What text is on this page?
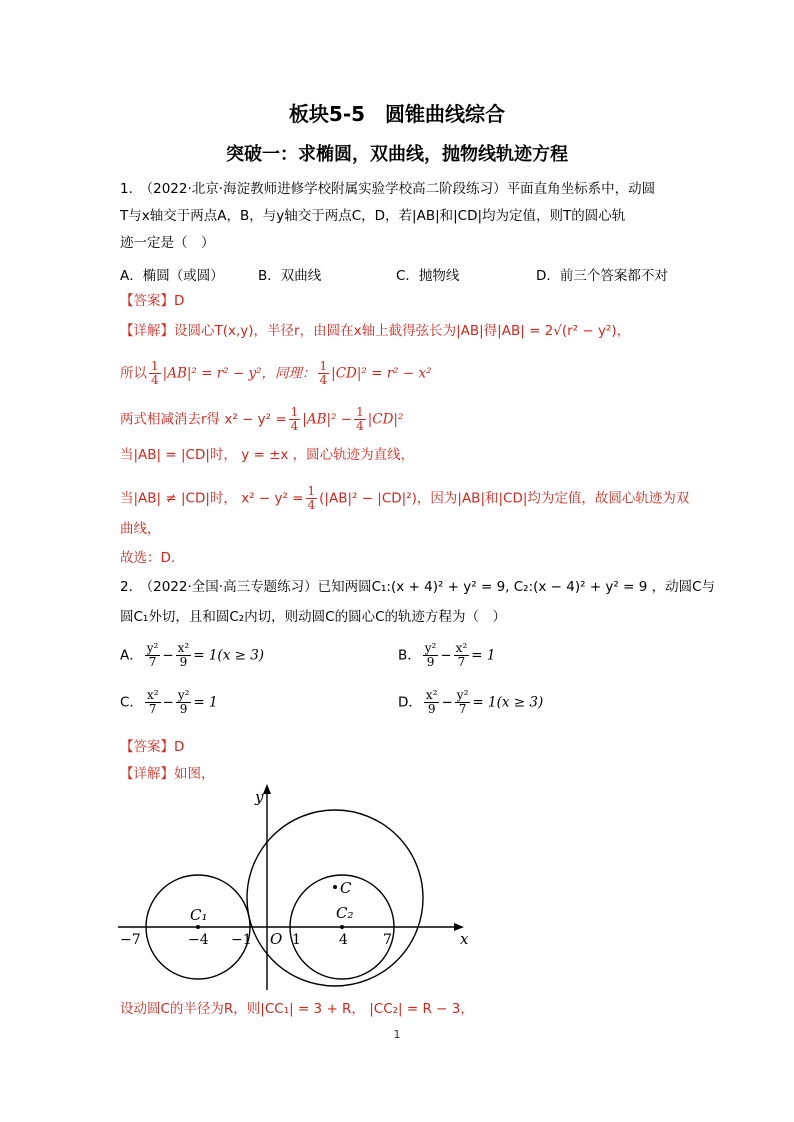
板块5-5　圆锥曲线综合
突破一：求椭圆，双曲线，抛物线轨迹方程
1.　（2022·北京·海淀教师进修学校附属实验学校高二阶段练习）平面直角坐标系中，动圆
T与x轴交于两点A，B，与y轴交于两点C，D，若|AB|和|CD|均为定值，则T的圆心轨
迹一定是（　）
A．椭圆（或圆）	B．双曲线	C．抛物线	D．前三个答案都不对
【答案】D
【详解】设圆心T(x,y)，半径r，由圆在x轴上截得弦长为|AB|得|AB| = 2√(r² − y²)，
所以 $\frac{1}{4} |AB|^2 = r^2 - y^2$，同理： $\frac{1}{4} |CD|^2 = r^2 - x^2$
两式相减消去r得 $x^2 - y^2 = \frac{1}{4} |AB|^2 - \frac{1}{4} |CD|^2$
当|AB| = |CD|时， y = ±x ，圆心轨迹为直线，
当|AB| ≠ |CD|时， $x^2 - y^2 = \frac{1}{4} (|AB|^2 - |CD|^2)$，因为|AB|和|CD|均为定值，故圆心轨迹为双
曲线，
故选：D.
2.　（2022·全国·高三专题练习）已知两圆C₁:(x + 4)² + y² = 9, C₂:(x − 4)² + y² = 9 ，动圆C与
圆C₁外切，且和圆C₂内切，则动圆C的圆心C的轨迹方程为（　）
A． $\frac{\text{y²}}{7} - \frac{\text{x²}}{9} = 1(x \ge 3)$	B． $\frac{\text{y²}}{9} - \frac{\text{x²}}{7} = 1$
C． $\frac{\text{x²}}{7} - \frac{\text{y²}}{9} = 1$	D． $\frac{\text{x²}}{9} - \frac{\text{y²}}{7} = 1(x \ge 3)$
【答案】D
【详解】如图，
y
x
O
C
C₁	C₂
−7	−4 −1	1	4	7
设动圆C的半径为R，则|CC₁| = 3 + R， |CC₂| = R − 3，
1
